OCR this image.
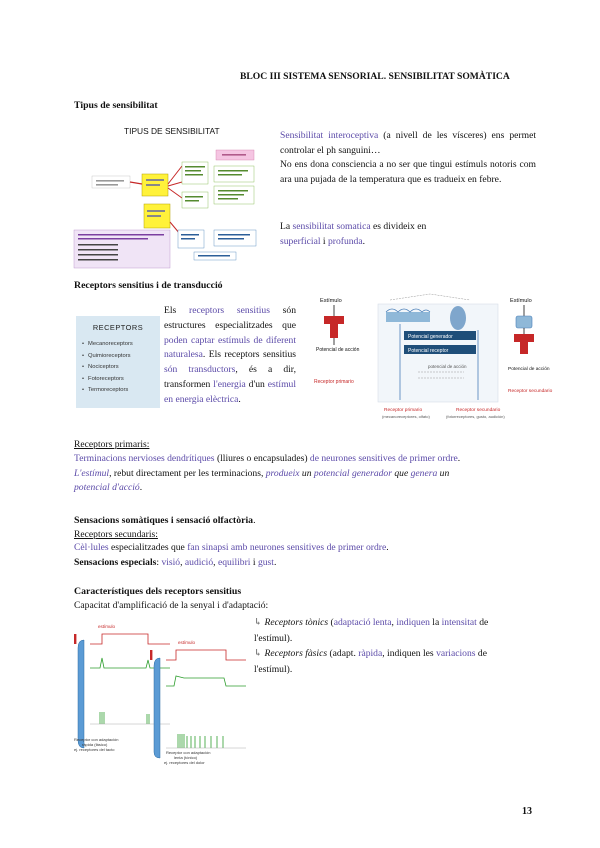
BLOC III SISTEMA SENSORIAL. SENSIBILITAT SOMÀTICA
Tipus de sensibilitat
TIPUS DE SENSIBILITAT	Sensibilitat interoceptiva (a nivell de les vísceres) ens permet controlar el ph sanguini…
No ens dona consciencia a no ser que tingui estímuls notoris com ara una pujada de la temperatura que es tradueix en febre.
La sensibilitat somatica es divideix en
superficial i profunda.
Receptors sensitius i de transducció
RECEPTORS
• Mecanoreceptors
• Quimioreceptors
• Nociceptors
• Fotoreceptors
• Termoreceptors
Els receptors sensitius són estructures especialitzades que poden captar estímuls de diferent naturalesa. Els receptors sensitius són transductors, és a dir, transformen l'energia d'un estímul en energia elèctrica.
Estímulo
Potencial de acción
Receptor primario
Potencial generador
Potencial receptor
potencial de acción
Receptor primario
(mecanoreceptores, olfato)
Receptor secundario
(fotorreceptores, gusto, audición)
Estímulo
Potencial de acción
Receptor secundario
Receptors primaris:
Terminacions nervioses dendrítiques (lliures o encapsulades) de neurones sensitives de primer ordre.
L'estímul, rebut directament per les terminacions, produeix un potencial generador que genera un
potencial d'acció.
Sensacions somàtiques i sensació olfactòria.
Receptors secundaris:
Cèl·lules especialitzades que fan sinapsi amb neurones sensitives de primer ordre.
Sensacions especials: visió, audició, equilibri i gust.
Característiques dels receptors sensitius
Capacitat d'amplificació de la senyal i d'adaptació:
estímulo
Receptor con adaptación
rápida (fásico)
ej. receptores del tacto
estímulo
Receptor con adaptación
lenta (tónico)
ej. receptores del dolor
↳ Receptors tònics (adaptació lenta, indiquen la intensitat de
l'estímul).
↳ Receptors fàsics (adapt. ràpida, indiquen les variacions de
l'estímul).
13
